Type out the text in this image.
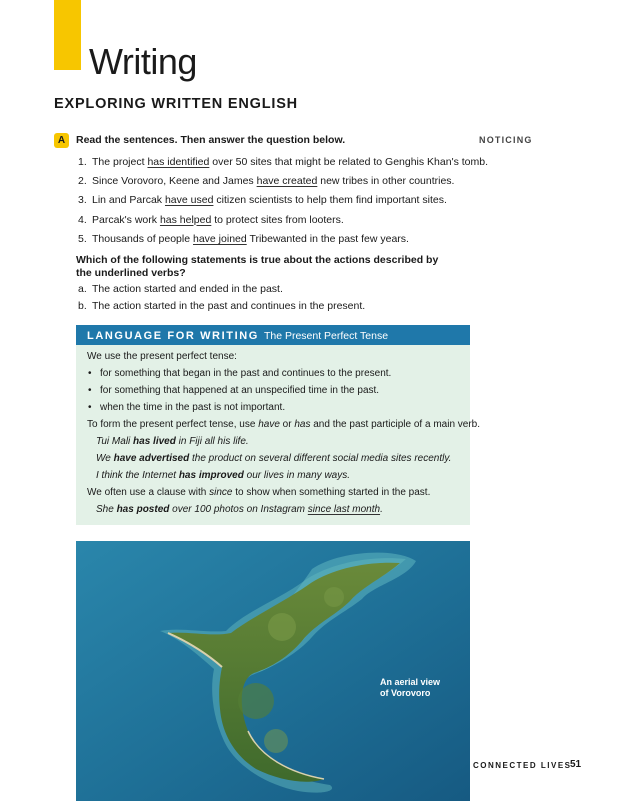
Writing
EXPLORING WRITTEN ENGLISH
A	Read the sentences. Then answer the question below.	NOTICING
1. The project has identified over 50 sites that might be related to Genghis Khan's tomb.
2. Since Vorovoro, Keene and James have created new tribes in other countries.
3. Lin and Parcak have used citizen scientists to help them find important sites.
4. Parcak's work has helped to protect sites from looters.
5. Thousands of people have joined Tribewanted in the past few years.
Which of the following statements is true about the actions described by the underlined verbs?
a. The action started and ended in the past.
b. The action started in the past and continues in the present.
LANGUAGE FOR WRITING The Present Perfect Tense
We use the present perfect tense:
• for something that began in the past and continues to the present.
• for something that happened at an unspecified time in the past.
• when the time in the past is not important.
To form the present perfect tense, use have or has and the past participle of a main verb.
Tui Mali has lived in Fiji all his life.
We have advertised the product on several different social media sites recently.
I think the Internet has improved our lives in many ways.
We often use a clause with since to show when something started in the past.
She has posted over 100 photos on Instagram since last month.
An aerial view
of Vorovoro
CONNECTED LIVES
51
